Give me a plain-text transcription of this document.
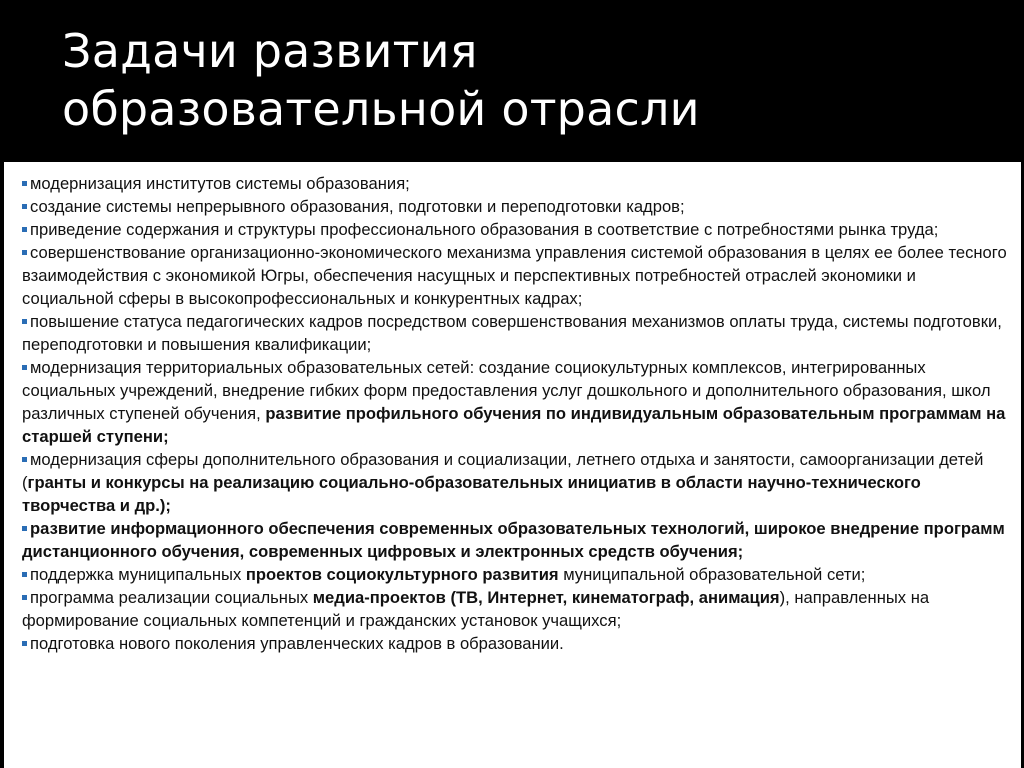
Задачи развития
образовательной отрасли
модернизация институтов системы образования;
создание системы непрерывного образования, подготовки и переподготовки кадров;
приведение содержания и структуры профессионального образования в соответствие с потребностями рынка труда;
совершенствование организационно-экономического механизма управления системой образования в целях ее более тесного взаимодействия с экономикой Югры, обеспечения насущных и перспективных потребностей отраслей экономики и социальной сферы в высокопрофессиональных и конкурентных кадрах;
повышение статуса педагогических кадров посредством совершенствования механизмов оплаты труда, системы подготовки, переподготовки и повышения квалификации;
модернизация территориальных образовательных сетей: создание социокультурных комплексов, интегрированных социальных учреждений, внедрение гибких форм предоставления услуг дошкольного и дополнительного образования, школ различных ступеней обучения, развитие профильного обучения по индивидуальным образовательным программам на старшей ступени;
модернизация сферы дополнительного образования и социализации, летнего отдыха и занятости, самоорганизации детей (гранты и конкурсы на реализацию социально-образовательных инициатив в области научно-технического творчества и др.);
развитие информационного обеспечения современных образовательных технологий, широкое внедрение программ дистанционного обучения, современных цифровых и электронных средств обучения;
поддержка муниципальных проектов социокультурного развития муниципальной образовательной сети;
программа реализации социальных медиа-проектов (ТВ, Интернет, кинематограф, анимация), направленных на формирование социальных компетенций и гражданских установок учащихся;
подготовка нового поколения управленческих кадров в образовании.
